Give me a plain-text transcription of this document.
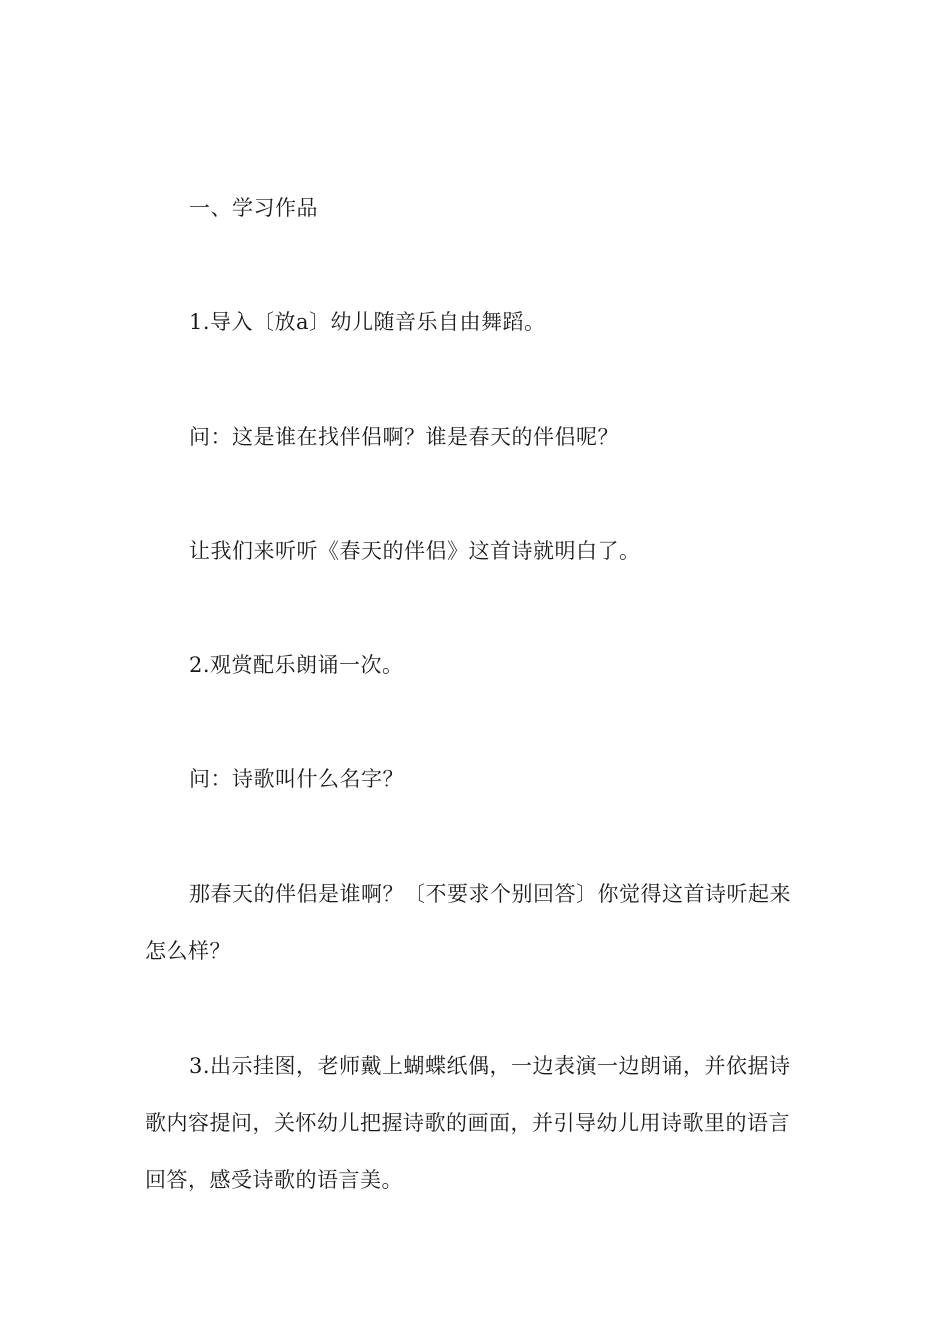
一、学习作品

1.导入〔放a〕幼儿随音乐自由舞蹈。

问：这是谁在找伴侣啊？谁是春天的伴侣呢？

让我们来听听《春天的伴侣》这首诗就明白了。

2.观赏配乐朗诵一次。

问：诗歌叫什么名字？

那春天的伴侣是谁啊？〔不要求个别回答〕你觉得这首诗听起来怎么样？

3.出示挂图，老师戴上蝴蝶纸偶，一边表演一边朗诵，并依据诗歌内容提问，关怀幼儿把握诗歌的画面，并引导幼儿用诗歌里的语言回答，感受诗歌的语言美。
